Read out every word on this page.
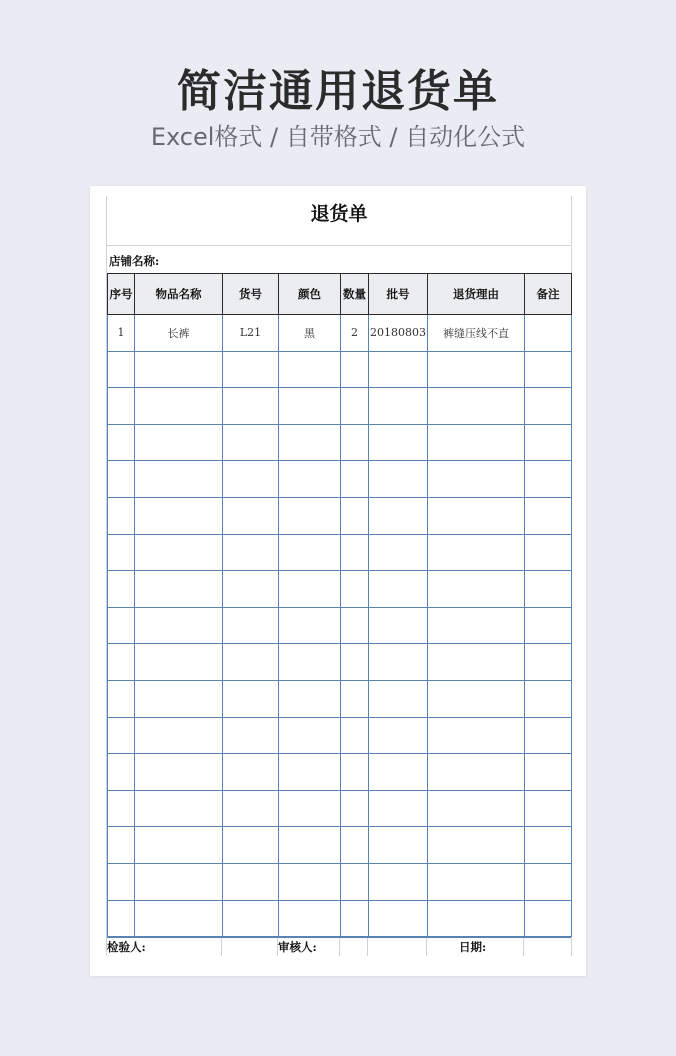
简洁通用退货单
Excel格式 / 自带格式 / 自动化公式
退货单
店铺名称:
序号	物品名称	货号	颜色	数量	批号	退货理由	备注
1	长裤	L21	黑	2	20180803	裤缝压线不直	

检验人:	审核人:	日期:
